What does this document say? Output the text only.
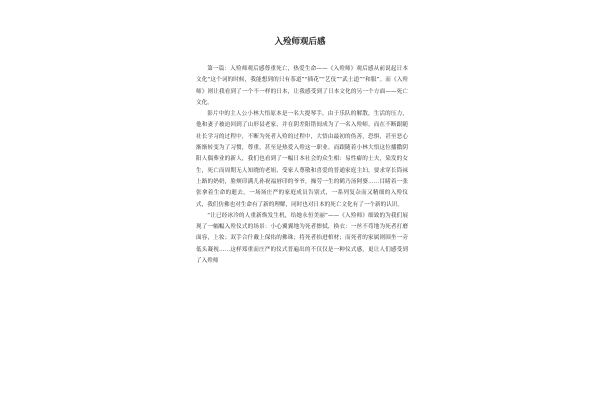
入殓师观后感

第一篇：入殓师观后感尊重死亡，热爱生命——《入殓师》观后感从前说起日本文化“这个词的时候，我能想到的只有茶道”“插花”“艺伎”“武士道”“和服”。而《入殓师》则让我看到了一个不一样的日本，让我感受到了日本文化的另一个方面——死亡文化。

影片中的主人公小林大悟原本是一名大提琴手，由于乐队的解散，生活的压力，他和妻子被迫回到了山形县老家，并在阴差阳错间成为了一名入殓师。而在不断跟随社长学习的过程中，不断为死者入殓的过程中，大悟由最初的伪善，恐惧，甚至恶心渐渐转变为了习惯，尊重，甚至是热爱入殓这一职业。而跟随着小林大悟这位播撒阴阳人偶葬业的新人，我们也看到了一幅日本社会的众生相：易性癖的士夫，染发的女生，死亡而周期无人知晓的老姐，受家人尊敬和喜爱的普通家庭主妇，要求穿长筒袜上路的奶奶，脸颊印满儿孙祝福唇印的爷爷，操劳一生的鹤乃汤阿婆……目睹着一张张拿着生命的逝去，一场场庄严的家庭成员告别式，一系列复杂而又精细的入殓仪式，我们仿佛也对生命有了新的理解，同时也对日本的死亡文化有了一个新的认识。

“让已经冰冷的人重新焕发生机，给她永恒美丽”——《入殓师》细致的为我们展现了一幅幅入殓仪式的场景：小心翼翼地为死者擦拭，换衣：一丝不苟地为死者打磨面容，上妆；双手合什戴上保佑的佛珠；将死者抬进棺材；而死者的家属则围坐一旁低头凝视……这样郑重而庄严的仪式普遍出的不仅仅是一种仪式感，更让人们感受到了入殓师
